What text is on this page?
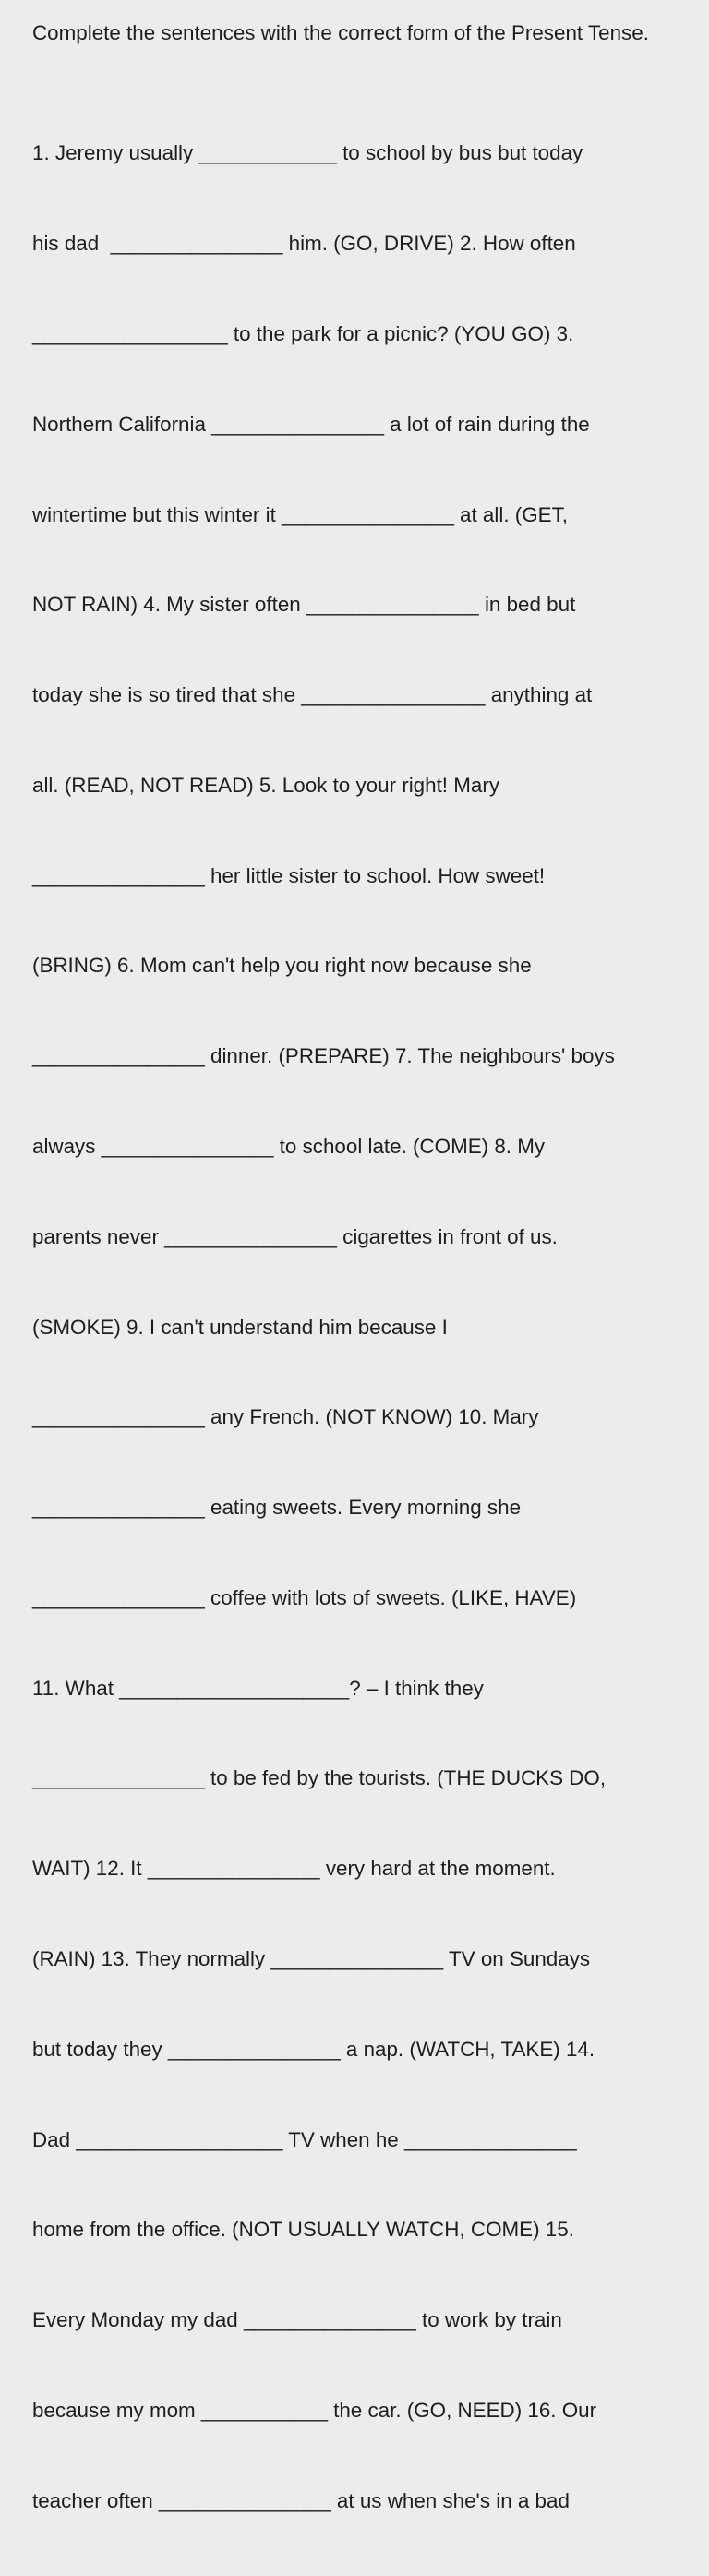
Complete the sentences with the correct form of the Present Tense.

1. Jeremy usually ____________ to school by bus but today

his dad  _______________ him. (GO, DRIVE) 2. How often

_________________ to the park for a picnic? (YOU GO) 3.

Northern California _______________ a lot of rain during the

wintertime but this winter it _______________ at all. (GET,

NOT RAIN) 4. My sister often _______________ in bed but

today she is so tired that she ________________ anything at

all. (READ, NOT READ) 5. Look to your right! Mary

_______________ her little sister to school. How sweet!

(BRING) 6. Mom can't help you right now because she

_______________ dinner. (PREPARE) 7. The neighbours' boys

always _______________ to school late. (COME) 8. My

parents never _______________ cigarettes in front of us.

(SMOKE) 9. I can't understand him because I

_______________ any French. (NOT KNOW) 10. Mary

_______________ eating sweets. Every morning she

_______________ coffee with lots of sweets. (LIKE, HAVE)

11. What ____________________? – I think they

_______________ to be fed by the tourists. (THE DUCKS DO,

WAIT) 12. It _______________ very hard at the moment.

(RAIN) 13. They normally _______________ TV on Sundays

but today they _______________ a nap. (WATCH, TAKE) 14.

Dad __________________ TV when he _______________

home from the office. (NOT USUALLY WATCH, COME) 15.

Every Monday my dad _______________ to work by train

because my mom ___________ the car. (GO, NEED) 16. Our

teacher often _______________ at us when she's in a bad
